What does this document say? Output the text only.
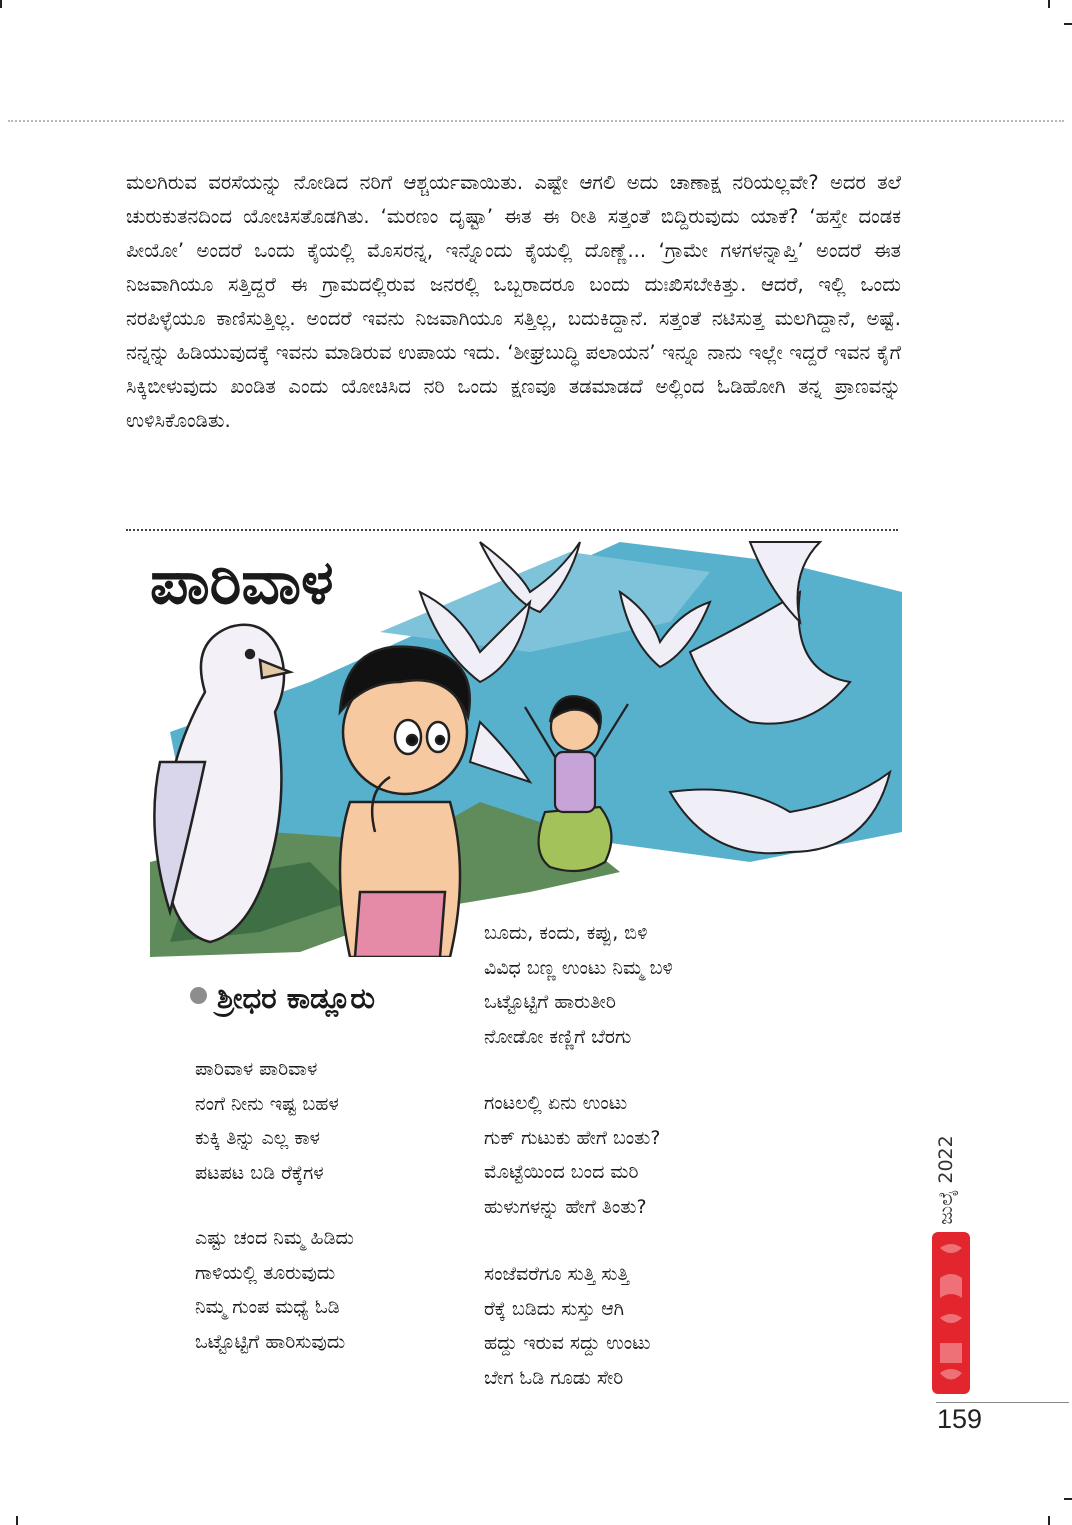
ಮಲಗಿರುವ ವರಸೆಯನ್ನು ನೋಡಿದ ನರಿಗೆ ಆಶ್ಚರ್ಯವಾಯಿತು. ಎಷ್ಟೇ ಆಗಲಿ ಅದು ಚಾಣಾಕ್ಷ ನರಿಯಲ್ಲವೇ? ಅದರ ತಲೆ ಚುರುಕುತನದಿಂದ ಯೋಚಿಸತೊಡಗಿತು. ‘ಮರಣಂ ದೃಷ್ಟಾ’ ಈತ ಈ ರೀತಿ ಸತ್ತಂತೆ ಬಿದ್ದಿರುವುದು ಯಾಕೆ? ‘ಹಸ್ತೇ ದಂಡಕ ಪೀಯೋ’ ಅಂದರೆ ಒಂದು ಕೈಯಲ್ಲಿ ಮೊಸರನ್ನ, ಇನ್ನೊಂದು ಕೈಯಲ್ಲಿ ದೊಣ್ಣೆ... ‘ಗ್ರಾಮೇ ಗಳಗಳನ್ನಾಪ್ತಿ’ ಅಂದರೆ ಈತ ನಿಜವಾಗಿಯೂ ಸತ್ತಿದ್ದರೆ ಈ ಗ್ರಾಮದಲ್ಲಿರುವ ಜನರಲ್ಲಿ ಒಬ್ಬರಾದರೂ ಬಂದು ದುಃಖಿಸಬೇಕಿತ್ತು. ಆದರೆ, ಇಲ್ಲಿ ಒಂದು ನರಪಿಳ್ಳೆಯೂ ಕಾಣಿಸುತ್ತಿಲ್ಲ. ಅಂದರೆ ಇವನು ನಿಜವಾಗಿಯೂ ಸತ್ತಿಲ್ಲ, ಬದುಕಿದ್ದಾನೆ. ಸತ್ತಂತೆ ನಟಿಸುತ್ತ ಮಲಗಿದ್ದಾನೆ, ಅಷ್ಟೆ. ನನ್ನನ್ನು ಹಿಡಿಯುವುದಕ್ಕೆ ಇವನು ಮಾಡಿರುವ ಉಪಾಯ ಇದು. ‘ಶೀಘ್ರಬುದ್ಧಿ ಪಲಾಯನ’ ಇನ್ನೂ ನಾನು ಇಲ್ಲೇ ಇದ್ದರೆ ಇವನ ಕೈಗೆ ಸಿಕ್ಕಿಬೀಳುವುದು ಖಂಡಿತ ಎಂದು ಯೋಚಿಸಿದ ನರಿ ಒಂದು ಕ್ಷಣವೂ ತಡಮಾಡದೆ ಅಲ್ಲಿಂದ ಓಡಿಹೋಗಿ ತನ್ನ ಪ್ರಾಣವನ್ನು ಉಳಿಸಿಕೊಂಡಿತು.

ಪಾರಿವಾಳ
ಶ್ರೀಧರ ಕಾಡ್ಲೂರು
ಪಾರಿವಾಳ ಪಾರಿವಾಳ
ನಂಗೆ ನೀನು ಇಷ್ಟ ಬಹಳ
ಕುಕ್ಕಿ ತಿನ್ನು ಎಲ್ಲ ಕಾಳ
ಪಟಪಟ ಬಡಿ ರೆಕ್ಕೆಗಳ
ಎಷ್ಟು ಚಂದ ನಿಮ್ಮ ಹಿಡಿದು
ಗಾಳಿಯಲ್ಲಿ ತೂರುವುದು
ನಿಮ್ಮ ಗುಂಪ ಮಧ್ಯೆ ಓಡಿ
ಒಟ್ಟೊಟ್ಟಿಗೆ ಹಾರಿಸುವುದು
ಬೂದು, ಕಂದು, ಕಪ್ಪು, ಬಿಳಿ
ವಿವಿಧ ಬಣ್ಣ ಉಂಟು ನಿಮ್ಮ ಬಳಿ
ಒಟ್ಟೊಟ್ಟಿಗೆ ಹಾರುತೀರಿ
ನೋಡೋ ಕಣ್ಣಿಗೆ ಬೆರಗು
ಗಂಟಲಲ್ಲಿ ಏನು ಉಂಟು
ಗುಕ್ ಗುಟುಕು ಹೇಗೆ ಬಂತು?
ಮೊಟ್ಟೆಯಿಂದ ಬಂದ ಮರಿ
ಹುಳುಗಳನ್ನು ಹೇಗೆ ತಿಂತು?
ಸಂಜೆವರೆಗೂ ಸುತ್ತಿ ಸುತ್ತಿ
ರೆಕ್ಕೆ ಬಡಿದು ಸುಸ್ತು ಆಗಿ
ಹದ್ದು ಇರುವ ಸದ್ದು ಉಂಟು
ಬೇಗ ಓಡಿ ಗೂಡು ಸೇರಿ
ಜುಲೈ 2022
159
